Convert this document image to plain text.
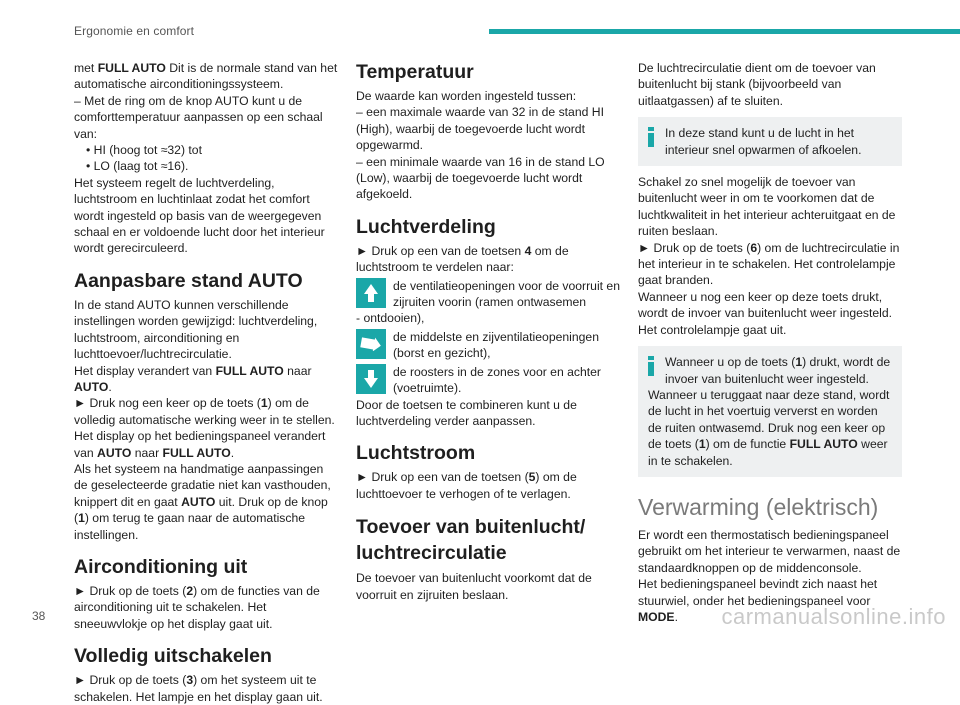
Ergonomie en comfort

met FULL AUTO Dit is de normale stand van het automatische airconditioningssysteem.

– Met de ring om de knop AUTO kunt u de comforttemperatuur aanpassen op een schaal van:

• HI (hoog tot ≈32) tot

• LO (laag tot ≈16).

Het systeem regelt de luchtverdeling, luchtstroom en luchtinlaat zodat het comfort wordt ingesteld op basis van de weergegeven schaal en er voldoende lucht door het interieur wordt gerecirculeerd.

Aanpasbare stand AUTO

In de stand AUTO kunnen verschillende instellingen worden gewijzigd: luchtverdeling, luchtstroom, airconditioning en luchttoevoer/luchtrecirculatie.

Het display verandert van FULL AUTO naar AUTO.

► Druk nog een keer op de toets (1) om de volledig automatische werking weer in te stellen. Het display op het bedieningspaneel verandert van AUTO naar FULL AUTO.

Als het systeem na handmatige aanpassingen de geselecteerde gradatie niet kan vasthouden, knippert dit en gaat AUTO uit. Druk op de knop (1) om terug te gaan naar de automatische instellingen.

Airconditioning uit

► Druk op de toets (2) om de functies van de airconditioning uit te schakelen. Het sneeuwvlokje op het display gaat uit.

Volledig uitschakelen

► Druk op de toets (3) om het systeem uit te schakelen. Het lampje en het display gaan uit.

Temperatuur

De waarde kan worden ingesteld tussen:

– een maximale waarde van 32 in de stand HI (High), waarbij de toegevoerde lucht wordt opgewarmd.

– een minimale waarde van 16 in de stand LO (Low), waarbij de toegevoerde lucht wordt afgekoeld.

Luchtverdeling

► Druk op een van de toetsen 4 om de luchtstroom te verdelen naar:

de ventilatieopeningen voor de voorruit en zijruiten voorin (ramen ontwasemen

- ontdooien),

de middelste en zijventilatieopeningen (borst en gezicht),

de roosters in de zones voor en achter (voetruimte).

Door de toetsen te combineren kunt u de luchtverdeling verder aanpassen.

Luchtstroom

► Druk op een van de toetsen (5) om de luchttoevoer te verhogen of te verlagen.

Toevoer van buitenlucht/ luchtrecirculatie

De toevoer van buitenlucht voorkomt dat de voorruit en zijruiten beslaan.

De luchtrecirculatie dient om de toevoer van buitenlucht bij stank (bijvoorbeeld van uitlaatgassen) af te sluiten.

In deze stand kunt u de lucht in het interieur snel opwarmen of afkoelen.

Schakel zo snel mogelijk de toevoer van buitenlucht weer in om te voorkomen dat de luchtkwaliteit in het interieur achteruitgaat en de ruiten beslaan.

► Druk op de toets (6) om de luchtrecirculatie in het interieur in te schakelen. Het controlelampje gaat branden.

Wanneer u nog een keer op deze toets drukt, wordt de invoer van buitenlucht weer ingesteld. Het controlelampje gaat uit.

Wanneer u op de toets (1) drukt, wordt de invoer van buitenlucht weer ingesteld.

Wanneer u teruggaat naar deze stand, wordt de lucht in het voertuig ververst en worden de ruiten ontwasemd. Druk nog een keer op de toets (1) om de functie FULL AUTO weer in te schakelen.

Verwarming (elektrisch)

Er wordt een thermostatisch bedieningspaneel gebruikt om het interieur te verwarmen, naast de standaardknoppen op de middenconsole.

Het bedieningspaneel bevindt zich naast het stuurwiel, onder het bedieningspaneel voor MODE.

38	carmanualsonline.info
